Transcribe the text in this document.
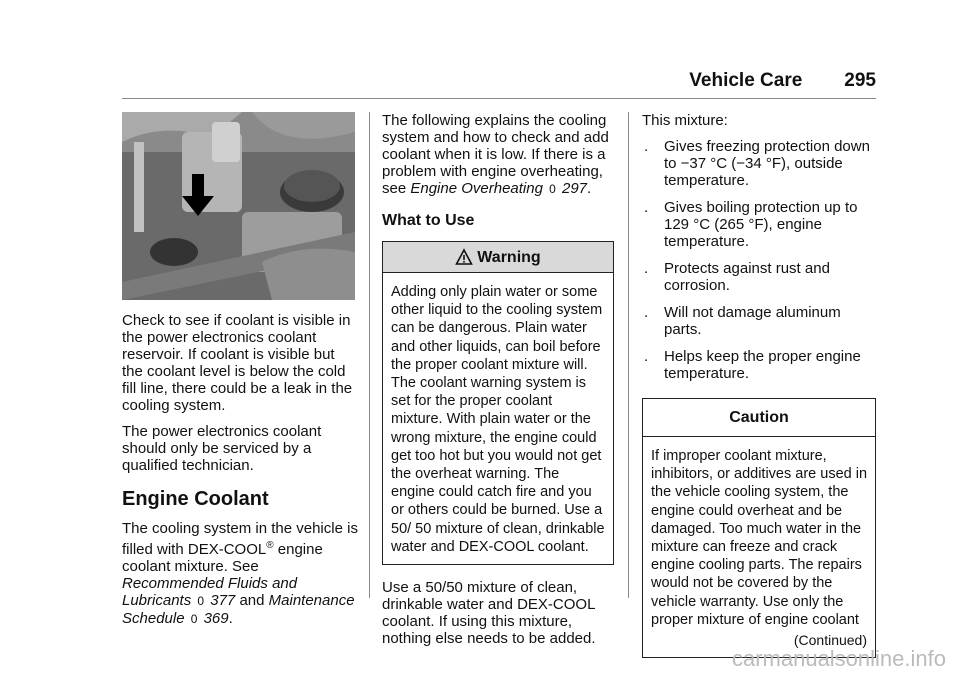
Vehicle Care 295

Check to see if coolant is visible in the power electronics coolant reservoir. If coolant is visible but the coolant level is below the cold fill line, there could be a leak in the cooling system.

The power electronics coolant should only be serviced by a qualified technician.

Engine Coolant

The cooling system in the vehicle is filled with DEX-COOL® engine coolant mixture. See Recommended Fluids and Lubricants 0 377 and Maintenance Schedule 0 369.

The following explains the cooling system and how to check and add coolant when it is low. If there is a problem with engine overheating, see Engine Overheating 0 297.

What to Use
Warning
Adding only plain water or some other liquid to the cooling system can be dangerous. Plain water and other liquids, can boil before the proper coolant mixture will. The coolant warning system is set for the proper coolant mixture. With plain water or the wrong mixture, the engine could get too hot but you would not get the overheat warning. The engine could catch fire and you or others could be burned. Use a 50/ 50 mixture of clean, drinkable water and DEX-COOL coolant.

Use a 50/50 mixture of clean, drinkable water and DEX-COOL coolant. If using this mixture, nothing else needs to be added.

This mixture:

. Gives freezing protection down to −37 °C (−34 °F), outside temperature.
. Gives boiling protection up to 129 °C (265 °F), engine temperature.
. Protects against rust and corrosion.
. Will not damage aluminum parts.
. Helps keep the proper engine temperature.
Caution
If improper coolant mixture, inhibitors, or additives are used in the vehicle cooling system, the engine could overheat and be damaged. Too much water in the mixture can freeze and crack engine cooling parts. The repairs would not be covered by the vehicle warranty. Use only the proper mixture of engine coolant
(Continued)
carmanualsonline.info
